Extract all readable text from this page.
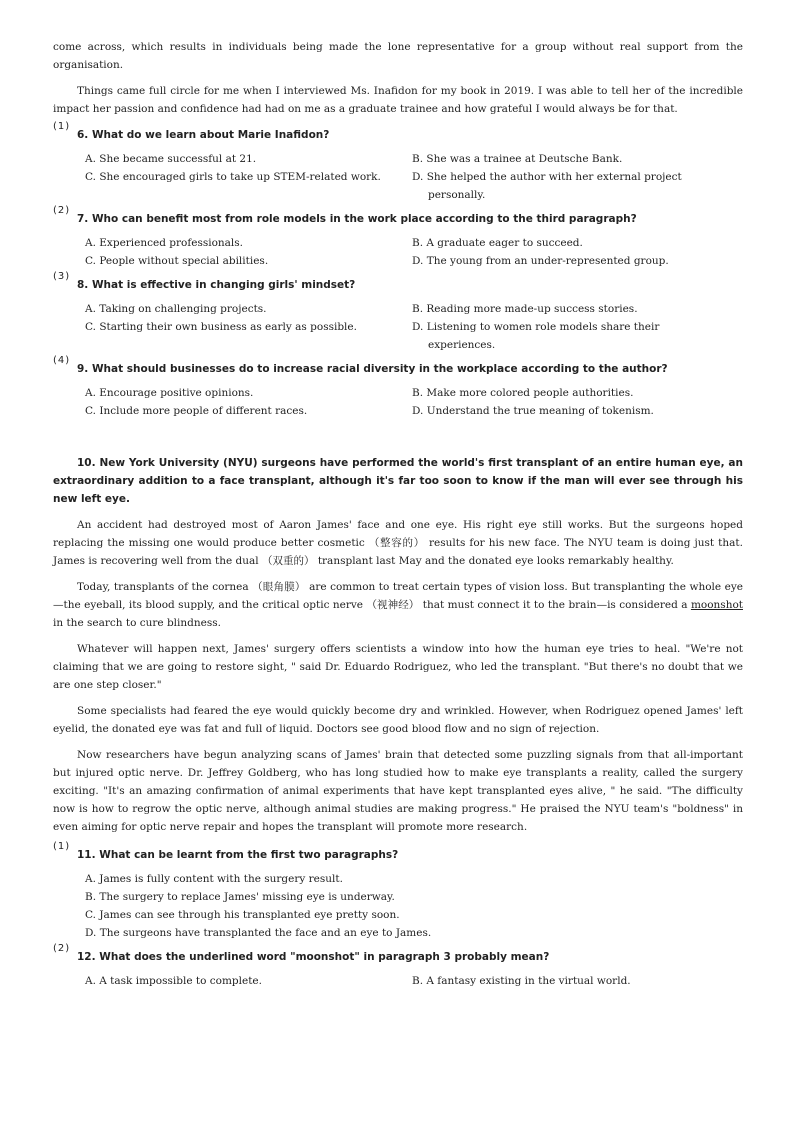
come across, which results in individuals being made the lone representative for a group without real support from the organisation.

Things came full circle for me when I interviewed Ms. Inafidon for my book in 2019. I was able to tell her of the incredible impact her passion and confidence had had on me as a graduate trainee and how grateful I would always be for that.

(1)
6. What do we learn about Marie Inafidon?
A. She became successful at 21.	B. She was a trainee at Deutsche Bank.
C. She encouraged girls to take up STEM-related work.	D. She helped the author with her external project
personally.
(2)
7. Who can benefit most from role models in the work place according to the third paragraph?
A. Experienced professionals.	B. A graduate eager to succeed.
C. People without special abilities.	D. The young from an under-represented group.
(3)
8. What is effective in changing girls' mindset?
A. Taking on challenging projects.	B. Reading more made-up success stories.
C. Starting their own business as early as possible.	D. Listening to women role models share their
experiences.
(4)
9. What should businesses do to increase racial diversity in the workplace according to the author?
A. Encourage positive opinions.	B. Make more colored people authorities.
C. Include more people of different races.	D. Understand the true meaning of tokenism.
10. New York University (NYU) surgeons have performed the world's first transplant of an entire human eye, an extraordinary addition to a face transplant, although it's far too soon to know if the man will ever see through his new left eye.

An accident had destroyed most of Aaron James' face and one eye. His right eye still works. But the surgeons hoped replacing the missing one would produce better cosmetic （整容的） results for his new face. The NYU team is doing just that. James is recovering well from the dual （双重的） transplant last May and the donated eye looks remarkably healthy.

Today, transplants of the cornea （眼角膜） are common to treat certain types of vision loss. But transplanting the whole eye—the eyeball, its blood supply, and the critical optic nerve （视神经） that must connect it to the brain—is considered a moonshot in the search to cure blindness.

Whatever will happen next, James' surgery offers scientists a window into how the human eye tries to heal. "We're not claiming that we are going to restore sight, " said Dr. Eduardo Rodriguez, who led the transplant. "But there's no doubt that we are one step closer."

Some specialists had feared the eye would quickly become dry and wrinkled. However, when Rodriguez opened James' left eyelid, the donated eye was fat and full of liquid. Doctors see good blood flow and no sign of rejection.

Now researchers have begun analyzing scans of James' brain that detected some puzzling signals from that all-important but injured optic nerve. Dr. Jeffrey Goldberg, who has long studied how to make eye transplants a reality, called the surgery exciting. "It's an amazing confirmation of animal experiments that have kept transplanted eyes alive, " he said. "The difficulty now is how to regrow the optic nerve, although animal studies are making progress." He praised the NYU team's "boldness" in even aiming for optic nerve repair and hopes the transplant will promote more research.

(1)
11. What can be learnt from the first two paragraphs?
A. James is fully content with the surgery result.
B. The surgery to replace James' missing eye is underway.
C. James can see through his transplanted eye pretty soon.
D. The surgeons have transplanted the face and an eye to James.
(2)
12. What does the underlined word "moonshot" in paragraph 3 probably mean?
A. A task impossible to complete.	B. A fantasy existing in the virtual world.
